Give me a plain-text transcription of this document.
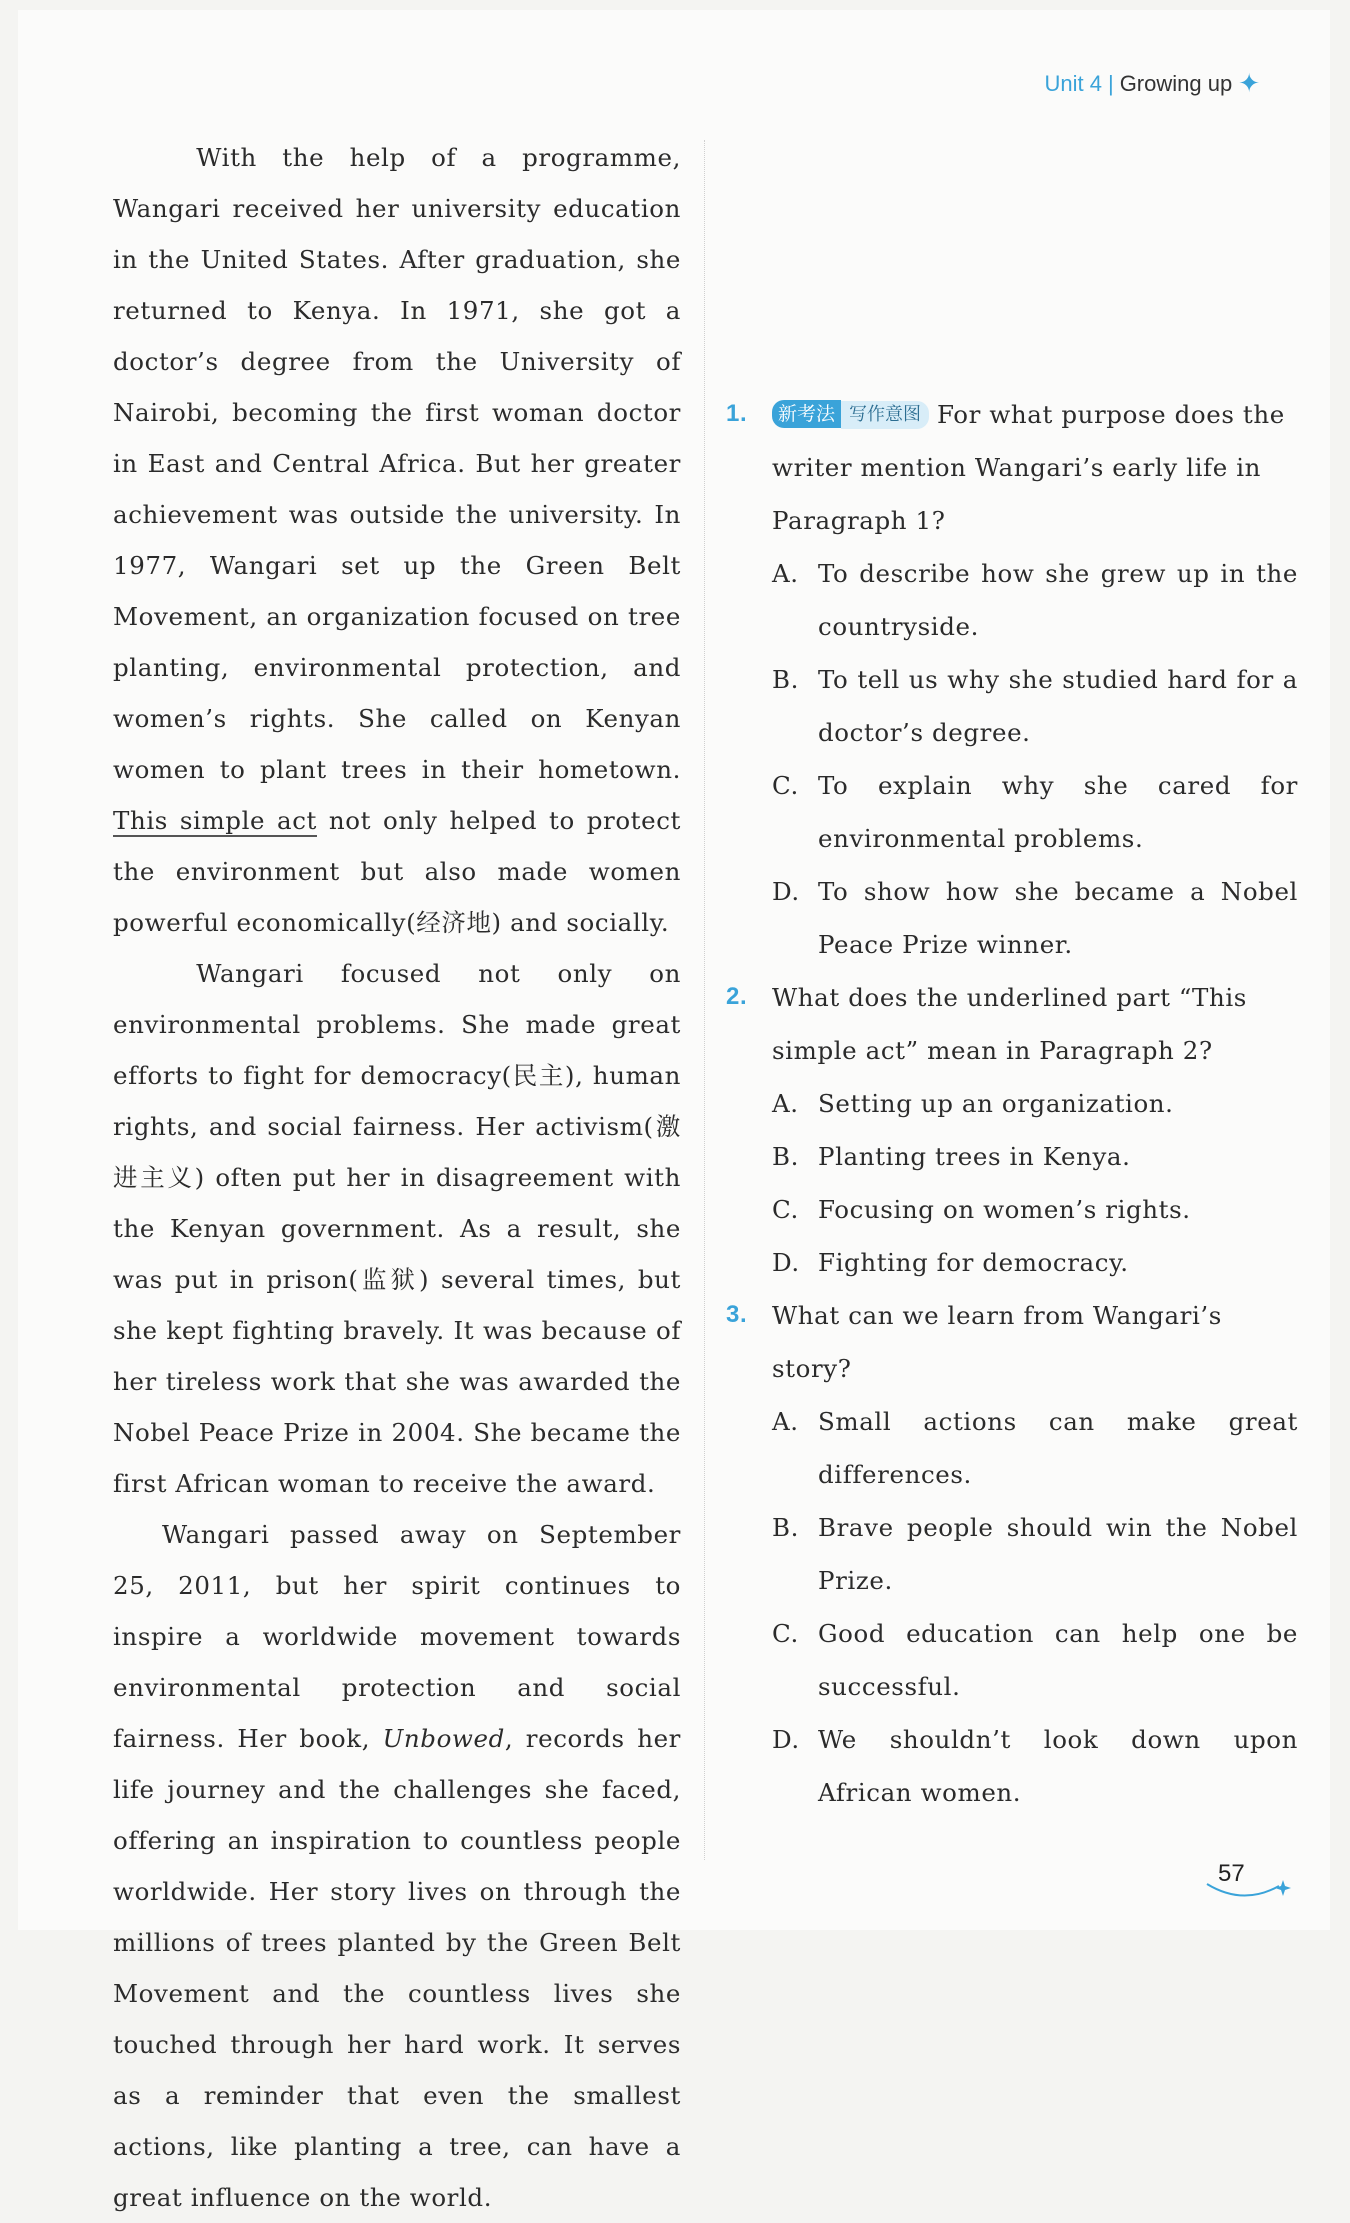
Unit 4 | Growing up ✦

With the help of a programme, Wangari received her university education in the United States. After graduation, she returned to Kenya. In 1971, she got a doctor’s degree from the University of Nairobi, becoming the first woman doctor in East and Central Africa. But her greater achievement was outside the university. In 1977, Wangari set up the Green Belt Movement, an organization focused on tree planting, environmental protection, and women’s rights. She called on Kenyan women to plant trees in their hometown. This simple act not only helped to protect the environment but also made women powerful economically(经济地) and socially.

Wangari focused not only on environmental problems. She made great efforts to fight for democracy(民主), human rights, and social fairness. Her activism(激进主义) often put her in disagreement with the Kenyan government. As a result, she was put in prison(监狱) several times, but she kept fighting bravely. It was because of her tireless work that she was awarded the Nobel Peace Prize in 2004. She became the first African woman to receive the award.

Wangari passed away on September 25, 2011, but her spirit continues to inspire a worldwide movement towards environmental protection and social fairness. Her book, Unbowed, records her life journey and the challenges she faced, offering an inspiration to countless people worldwide. Her story lives on through the millions of trees planted by the Green Belt Movement and the countless lives she touched through her hard work. It serves as a reminder that even the smallest actions, like planting a tree, can have a great influence on the world.

1.	新考法 写作意图 For what purpose does the writer mention Wangari’s early life in Paragraph 1?
A. To describe how she grew up in the countryside.
B. To tell us why she studied hard for a doctor’s degree.
C. To explain why she cared for environmental problems.
D. To show how she became a Nobel Peace Prize winner.
2. What does the underlined part “This simple act” mean in Paragraph 2?
A. Setting up an organization.
B. Planting trees in Kenya.
C. Focusing on women’s rights.
D. Fighting for democracy.
3. What can we learn from Wangari’s story?
A. Small actions can make great differences.
B. Brave people should win the Nobel Prize.
C. Good education can help one be successful.
D. We shouldn’t look down upon African women.
57
